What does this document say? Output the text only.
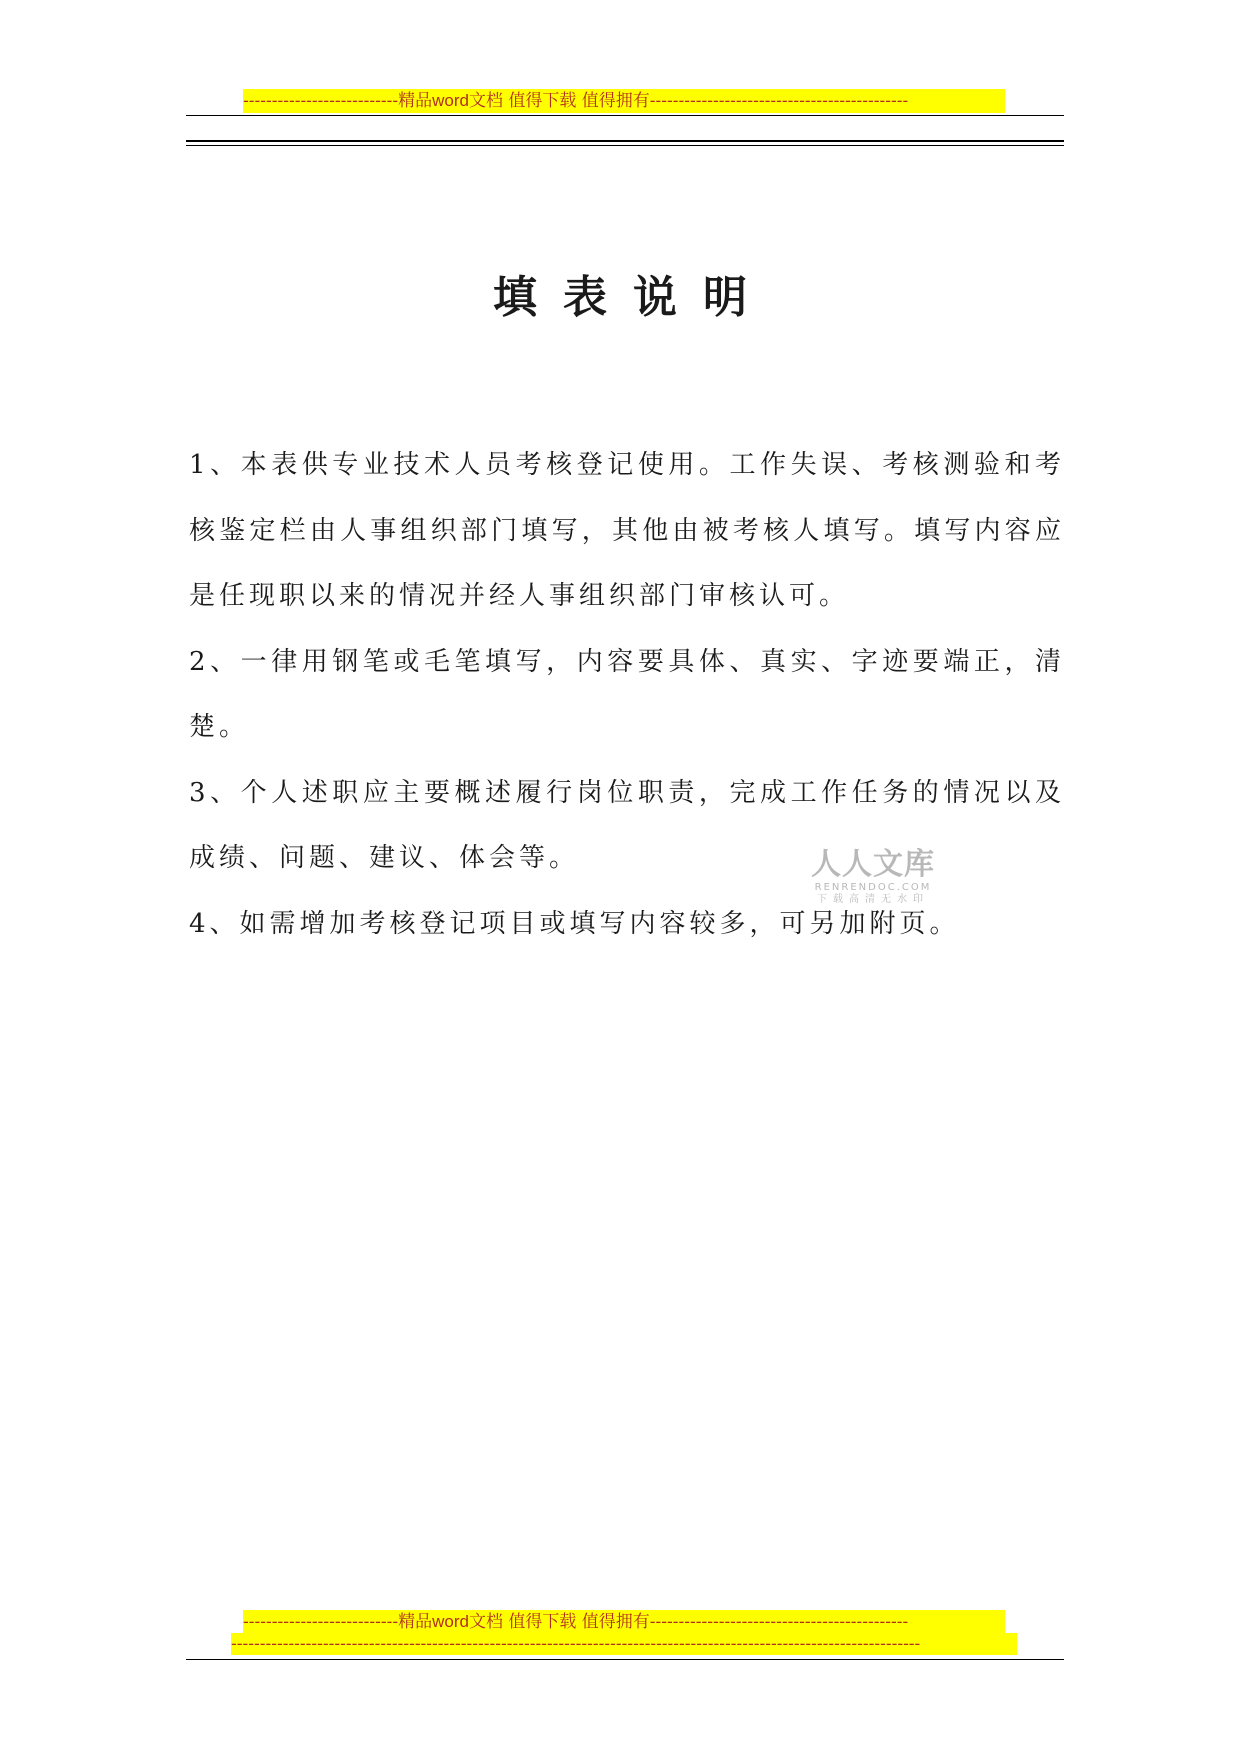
---------------------------精品word文档 值得下载 值得拥有---------------------------------------------
填表说明

1、本表供专业技术人员考核登记使用。工作失误、考核测验和考核鉴定栏由人事组织部门填写，其他由被考核人填写。填写内容应是任现职以来的情况并经人事组织部门审核认可。

2、一律用钢笔或毛笔填写，内容要具体、真实、字迹要端正，清楚。

3、个人述职应主要概述履行岗位职责，完成工作任务的情况以及成绩、问题、建议、体会等。

4、如需增加考核登记项目或填写内容较多，可另加附页。

人人文库
RENRENDOC.COM
下载高清无水印
---------------------------精品word文档 值得下载 值得拥有---------------------------------------------
------------------------------------------------------------------------------------------------------------------------
